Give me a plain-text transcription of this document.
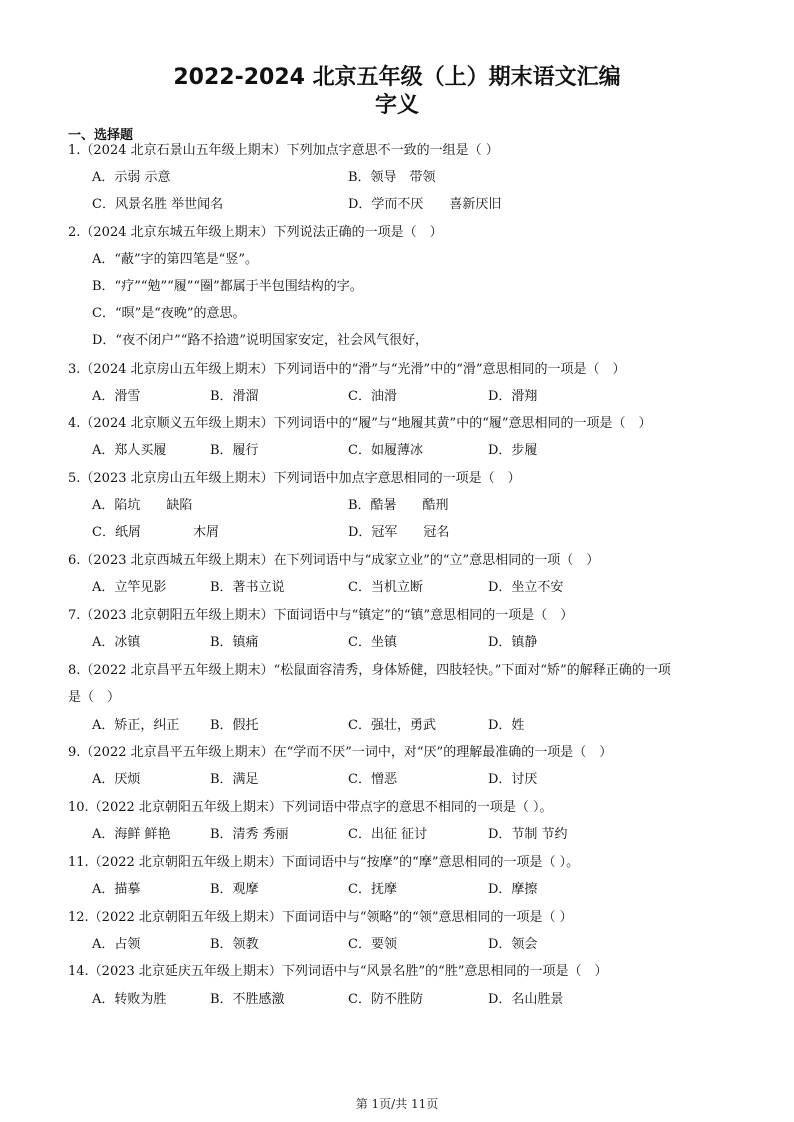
2022-2024 北京五年级（上）期末语文汇编
字义
一、选择题
1.（2024 北京石景山五年级上期末）下列加点字意思不一致的一组是（ ）
A．示弱 示意	B．领导　带领
C．风景名胜 举世闻名	D．学而不厌　　喜新厌旧
2.（2024 北京东城五年级上期末）下列说法正确的一项是（　）
A．“蔽”字的第四笔是“竖”。
B．“疗”“勉”“履”“圈”都属于半包围结构的字。
C．“暝”是“夜晚”的意思。
D．“夜不闭户”“路不拾遗”说明国家安定，社会风气很好，
3.（2024 北京房山五年级上期末）下列词语中的“滑”与“光滑”中的“滑”意思相同的一项是（　）
A．滑雪	B．滑溜	C．油滑	D．滑翔
4.（2024 北京顺义五年级上期末）下列词语中的“履”与“地履其黄”中的“履”意思相同的一项是（　）
A．郑人买履	B．履行	C．如履薄冰	D．步履
5.（2023 北京房山五年级上期末）下列词语中加点字意思相同的一项是（　）
A．陷坑　　缺陷	B．酷暑　　酷刑
C．纸屑　　　　木屑	D．冠军　　冠名
6.（2023 北京西城五年级上期末）在下列词语中与“成家立业”的“立”意思相同的一项（　）
A．立竿见影	B．著书立说	C．当机立断	D．坐立不安
7.（2023 北京朝阳五年级上期末）下面词语中与“镇定”的“镇”意思相同的一项是（　）
A．冰镇	B．镇痛	C．坐镇	D．镇静
8.（2022 北京昌平五年级上期末）“松鼠面容清秀，身体矫健，四肢轻快。”下面对“矫”的解释正确的一项
是（　）
A．矫正，纠正 B．假托	C．强壮，勇武	D．姓
9.（2022 北京昌平五年级上期末）在“学而不厌”一词中，对“厌”的理解最准确的一项是（　）
A．厌烦	B．满足	C．憎恶	D．讨厌
10.（2022 北京朝阳五年级上期末）下列词语中带点字的意思不相同的一项是（ ）。
A．海鲜 鲜艳	B．清秀 秀丽	C．出征 征讨	D．节制 节约
11.（2022 北京朝阳五年级上期末）下面词语中与“按摩”的“摩”意思相同的一项是（ ）。
A．描摹	B．观摩	C．抚摩	D．摩擦
12.（2022 北京朝阳五年级上期末）下面词语中与“领略”的“领”意思相同的一项是（ ）
A．占领	B．领教	C．要领	D．领会
14.（2023 北京延庆五年级上期末）下列词语中与“风景名胜”的“胜”意思相同的一项是（　）
A．转败为胜	B．不胜感激	C．防不胜防	D．名山胜景
第 1页/共 11页
